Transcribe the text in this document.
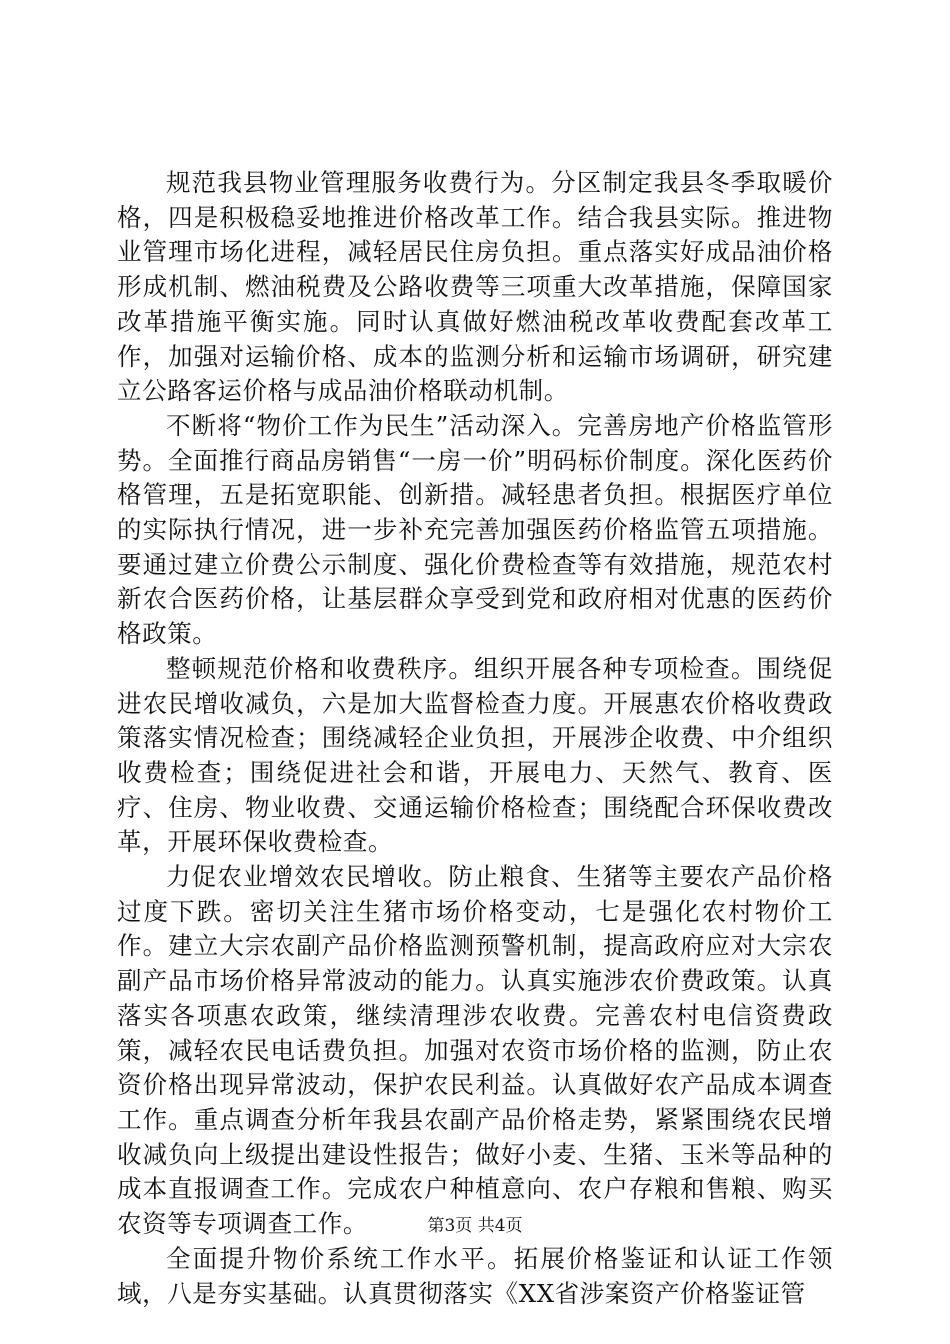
规范我县物业管理服务收费行为。分区制定我县冬季取暖价格，四是积极稳妥地推进价格改革工作。结合我县实际。推进物业管理市场化进程，减轻居民住房负担。重点落实好成品油价格形成机制、燃油税费及公路收费等三项重大改革措施，保障国家改革措施平衡实施。同时认真做好燃油税改革收费配套改革工作，加强对运输价格、成本的监测分析和运输市场调研，研究建立公路客运价格与成品油价格联动机制。

不断将“物价工作为民生”活动深入。完善房地产价格监管形势。全面推行商品房销售“一房一价”明码标价制度。深化医药价格管理，五是拓宽职能、创新措。减轻患者负担。根据医疗单位的实际执行情况，进一步补充完善加强医药价格监管五项措施。要通过建立价费公示制度、强化价费检查等有效措施，规范农村新农合医药价格，让基层群众享受到党和政府相对优惠的医药价格政策。

整顿规范价格和收费秩序。组织开展各种专项检查。围绕促进农民增收减负，六是加大监督检查力度。开展惠农价格收费政策落实情况检查；围绕减轻企业负担，开展涉企收费、中介组织收费检查；围绕促进社会和谐，开展电力、天然气、教育、医疗、住房、物业收费、交通运输价格检查；围绕配合环保收费改革，开展环保收费检查。

力促农业增效农民增收。防止粮食、生猪等主要农产品价格过度下跌。密切关注生猪市场价格变动，七是强化农村物价工作。建立大宗农副产品价格监测预警机制，提高政府应对大宗农副产品市场价格异常波动的能力。认真实施涉农价费政策。认真落实各项惠农政策，继续清理涉农收费。完善农村电信资费政策，减轻农民电话费负担。加强对农资市场价格的监测，防止农资价格出现异常波动，保护农民利益。认真做好农产品成本调查工作。重点调查分析年我县农副产品价格走势，紧紧围绕农民增收减负向上级提出建设性报告；做好小麦、生猪、玉米等品种的成本直报调查工作。完成农户种植意向、农户存粮和售粮、购买农资等专项调查工作。

全面提升物价系统工作水平。拓展价格鉴证和认证工作领域，八是夯实基础。认真贯彻落实《XX省涉案资产价格鉴证管

第3页 共4页
